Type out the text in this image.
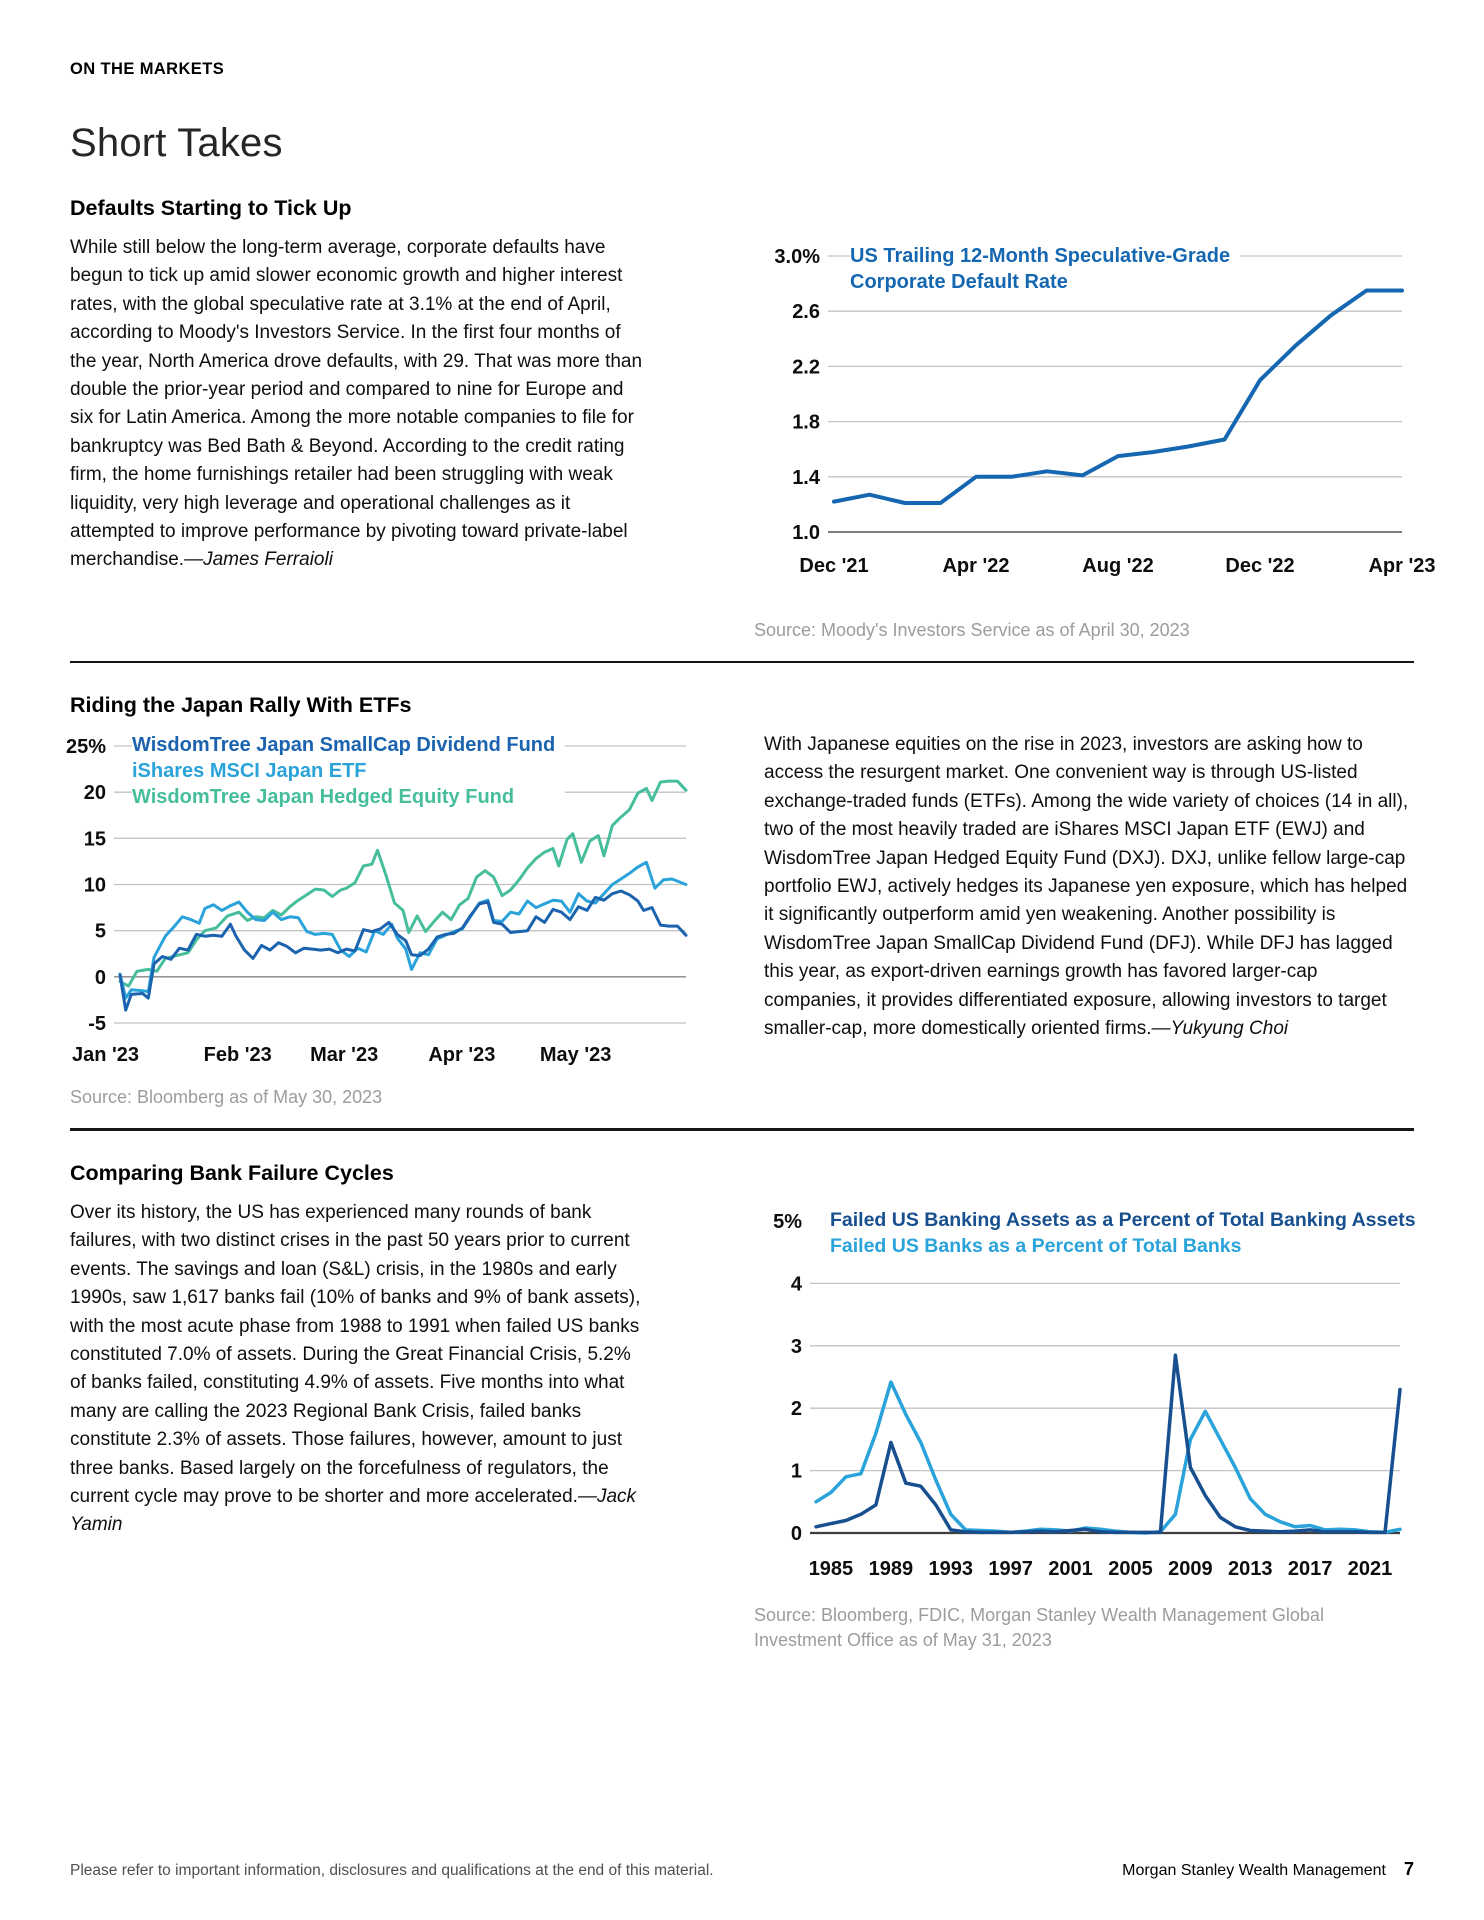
ON THE MARKETS
Short Takes
Defaults Starting to Tick Up

While still below the long-term average, corporate defaults have begun to tick up amid slower economic growth and higher interest rates, with the global speculative rate at 3.1% at the end of April, according to Moody's Investors Service. In the first four months of the year, North America drove defaults, with 29. That was more than double the prior-year period and compared to nine for Europe and six for Latin America. Among the more notable companies to file for bankruptcy was Bed Bath & Beyond. According to the credit rating firm, the home furnishings retailer had been struggling with weak liquidity, very high leverage and operational challenges as it attempted to improve performance by pivoting toward private-label merchandise.—James Ferraioli

3.0%
2.6
2.2
1.8
1.4
1.0
Dec '21	Apr '22	Aug '22	Dec '22	Apr '23
US Trailing 12-Month Speculative-Grade
Corporate Default Rate
Source: Moody's Investors Service as of April 30, 2023
Riding the Japan Rally With ETFs
25%
20
15
10
5
0
-5
Jan '23	Feb '23 Mar '23	Apr '23 May '23
WisdomTree Japan SmallCap Dividend Fund
iShares MSCI Japan ETF
WisdomTree Japan Hedged Equity Fund
Source: Bloomberg as of May 30, 2023

With Japanese equities on the rise in 2023, investors are asking how to access the resurgent market. One convenient way is through US-listed exchange-traded funds (ETFs). Among the wide variety of choices (14 in all), two of the most heavily traded are iShares MSCI Japan ETF (EWJ) and WisdomTree Japan Hedged Equity Fund (DXJ). DXJ, unlike fellow large-cap portfolio EWJ, actively hedges its Japanese yen exposure, which has helped it significantly outperform amid yen weakening. Another possibility is WisdomTree Japan SmallCap Dividend Fund (DFJ). While DFJ has lagged this year, as export-driven earnings growth has favored larger-cap companies, it provides differentiated exposure, allowing investors to target smaller-cap, more domestically oriented firms.—Yukyung Choi

Comparing Bank Failure Cycles

Over its history, the US has experienced many rounds of bank failures, with two distinct crises in the past 50 years prior to current events. The savings and loan (S&L) crisis, in the 1980s and early 1990s, saw 1,617 banks fail (10% of banks and 9% of bank assets), with the most acute phase from 1988 to 1991 when failed US banks constituted 7.0% of assets. During the Great Financial Crisis, 5.2% of banks failed, constituting 4.9% of assets. Five months into what many are calling the 2023 Regional Bank Crisis, failed banks constitute 2.3% of assets. Those failures, however, amount to just three banks. Based largely on the forcefulness of regulators, the current cycle may prove to be shorter and more accelerated.—Jack Yamin

5%
4
3
2
1
0
1985 1989 1993 1997 2001 2005 2009 2013 2017 2021
Failed US Banking Assets as a Percent of Total Banking Assets
Failed US Banks as a Percent of Total Banks
Source: Bloomberg, FDIC, Morgan Stanley Wealth Management Global Investment Office as of May 31, 2023
Please refer to important information, disclosures and qualifications at the end of this material.	Morgan Stanley Wealth Management 7
